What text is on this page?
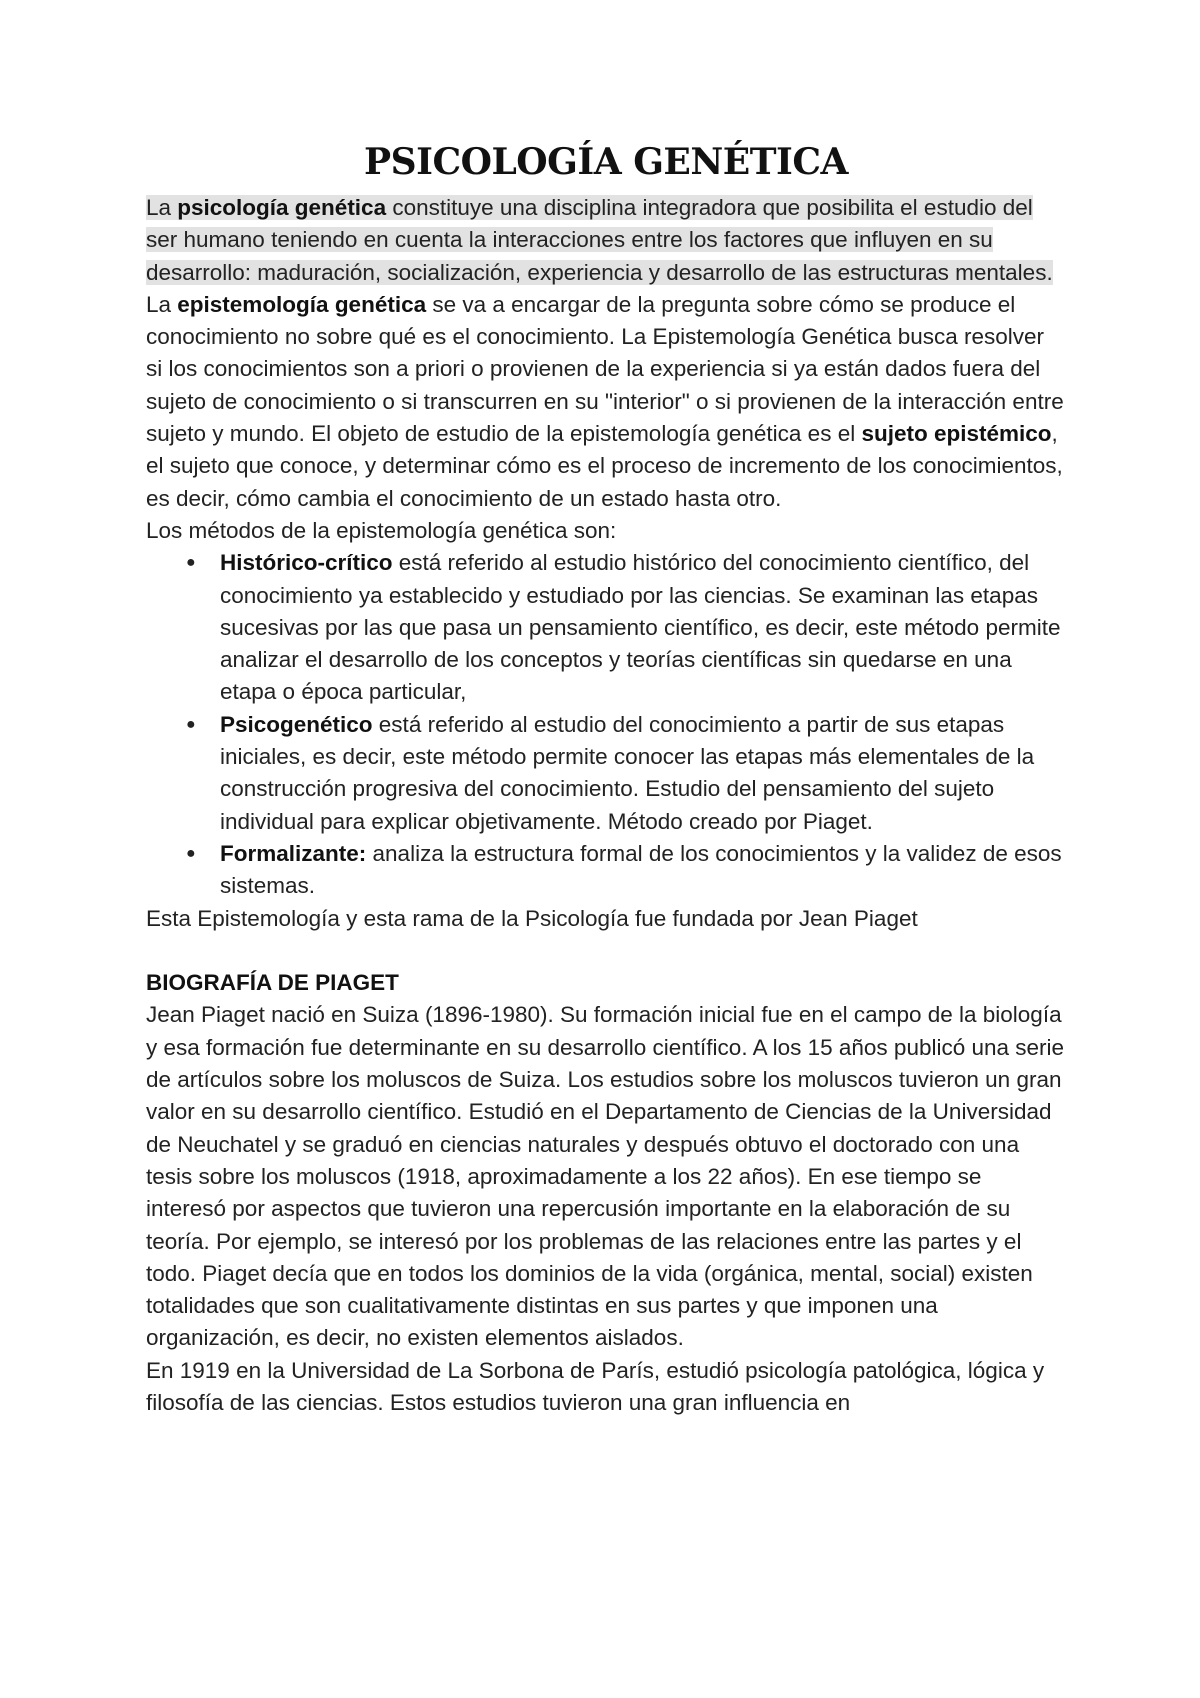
PSICOLOGÍA GENÉTICA

La psicología genética constituye una disciplina integradora que posibilita el estudio del ser humano teniendo en cuenta la interacciones entre los factores que influyen en su desarrollo: maduración, socialización, experiencia y desarrollo de las estructuras mentales.

La epistemología genética se va a encargar de la pregunta sobre cómo se produce el conocimiento no sobre qué es el conocimiento. La Epistemología Genética busca resolver si los conocimientos son a priori o provienen de la experiencia si ya están dados fuera del sujeto de conocimiento o si transcurren en su "interior" o si provienen de la interacción entre sujeto y mundo. El objeto de estudio de la epistemología genética es el sujeto epistémico, el sujeto que conoce, y determinar cómo es el proceso de incremento de los conocimientos, es decir, cómo cambia el conocimiento de un estado hasta otro.

Los métodos de la epistemología genética son:

● Histórico-crítico está referido al estudio histórico del conocimiento científico, del conocimiento ya establecido y estudiado por las ciencias. Se examinan las etapas sucesivas por las que pasa un pensamiento científico, es decir, este método permite analizar el desarrollo de los conceptos y teorías científicas sin quedarse en una etapa o época particular,
● Psicogenético está referido al estudio del conocimiento a partir de sus etapas iniciales, es decir, este método permite conocer las etapas más elementales de la construcción progresiva del conocimiento. Estudio del pensamiento del sujeto individual para explicar objetivamente. Método creado por Piaget.
● Formalizante: analiza la estructura formal de los conocimientos y la validez de esos sistemas.

Esta Epistemología y esta rama de la Psicología fue fundada por Jean Piaget

BIOGRAFÍA DE PIAGET

Jean Piaget nació en Suiza (1896-1980). Su formación inicial fue en el campo de la biología y esa formación fue determinante en su desarrollo científico. A los 15 años publicó una serie de artículos sobre los moluscos de Suiza. Los estudios sobre los moluscos tuvieron un gran valor en su desarrollo científico. Estudió en el Departamento de Ciencias de la Universidad de Neuchatel y se graduó en ciencias naturales y después obtuvo el doctorado con una tesis sobre los moluscos (1918, aproximadamente a los 22 años). En ese tiempo se interesó por aspectos que tuvieron una repercusión importante en la elaboración de su teoría. Por ejemplo, se interesó por los problemas de las relaciones entre las partes y el todo. Piaget decía que en todos los dominios de la vida (orgánica, mental, social) existen totalidades que son cualitativamente distintas en sus partes y que imponen una organización, es decir, no existen elementos aislados.

En 1919 en la Universidad de La Sorbona de París, estudió psicología patológica, lógica y filosofía de las ciencias. Estos estudios tuvieron una gran influencia en
